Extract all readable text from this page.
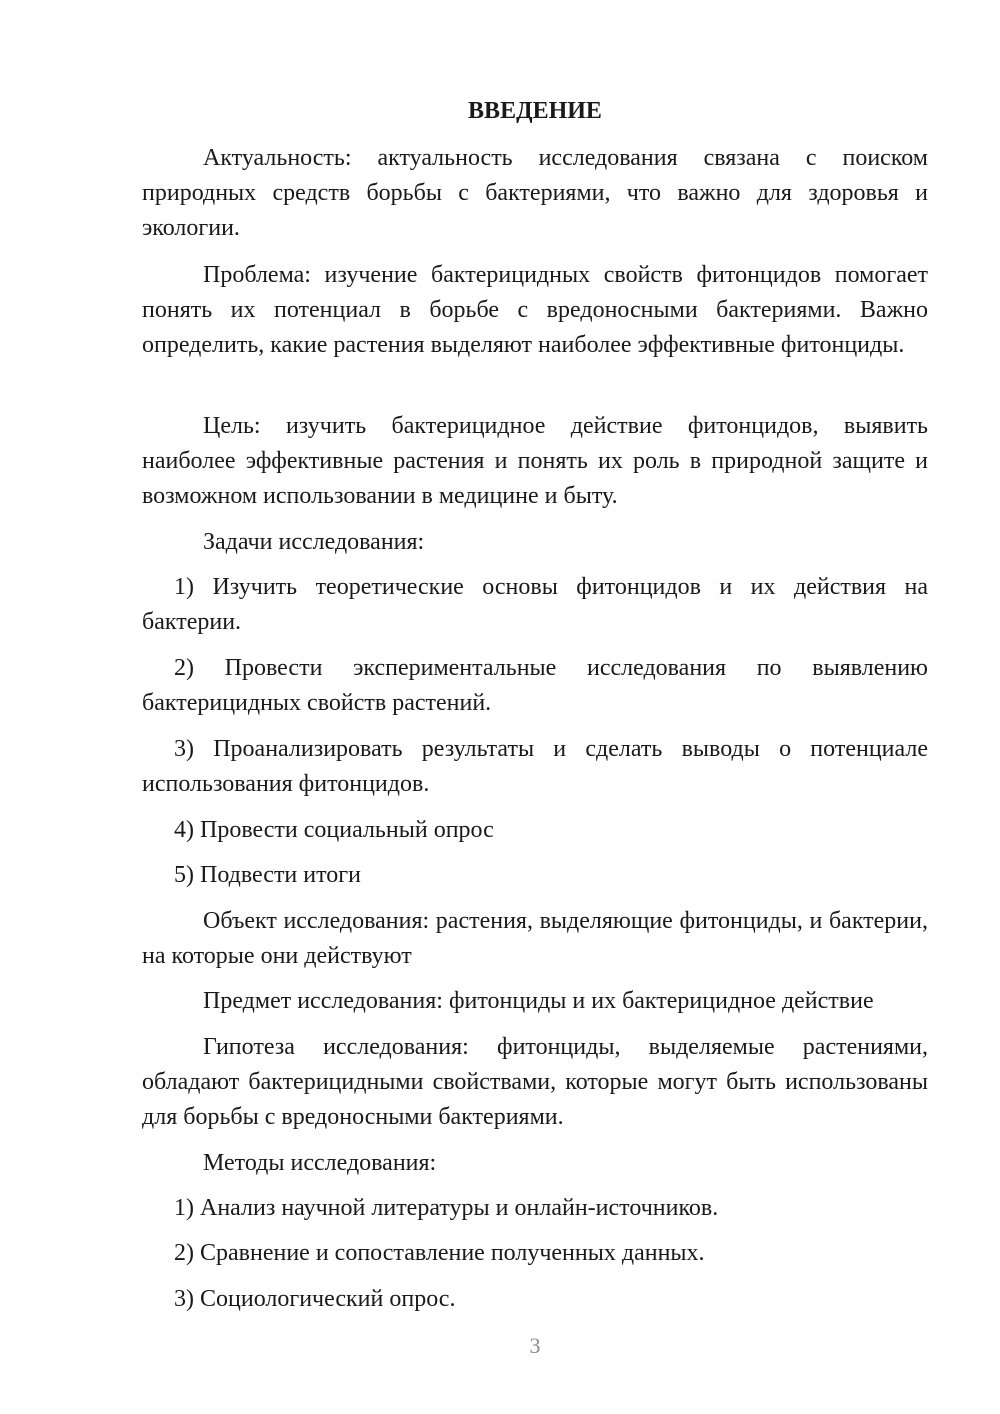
ВВЕДЕНИЕ

Актуальность: актуальность исследования связана с поиском природных средств борьбы с бактериями, что важно для здоровья и экологии.

Проблема: изучение бактерицидных свойств фитонцидов помогает понять их потенциал в борьбе с вредоносными бактериями. Важно определить, какие растения выделяют наиболее эффективные фитонциды.

Цель: изучить бактерицидное действие фитонцидов, выявить наиболее эффективные растения и понять их роль в природной защите и возможном использовании в медицине и быту.

Задачи исследования:

1) Изучить теоретические основы фитонцидов и их действия на бактерии.

2) Провести экспериментальные исследования по выявлению бактерицидных свойств растений.

3) Проанализировать результаты и сделать выводы о потенциале использования фитонцидов.

4) Провести социальный опрос

5) Подвести итоги

Объект исследования: растения, выделяющие фитонциды, и бактерии, на которые они действуют

Предмет исследования: фитонциды и их бактерицидное действие

Гипотеза исследования: фитонциды, выделяемые растениями, обладают бактерицидными свойствами, которые могут быть использованы для борьбы с вредоносными бактериями.

Методы исследования:

1) Анализ научной литературы и онлайн-источников.

2) Сравнение и сопоставление полученных данных.

3) Социологический опрос.

3
